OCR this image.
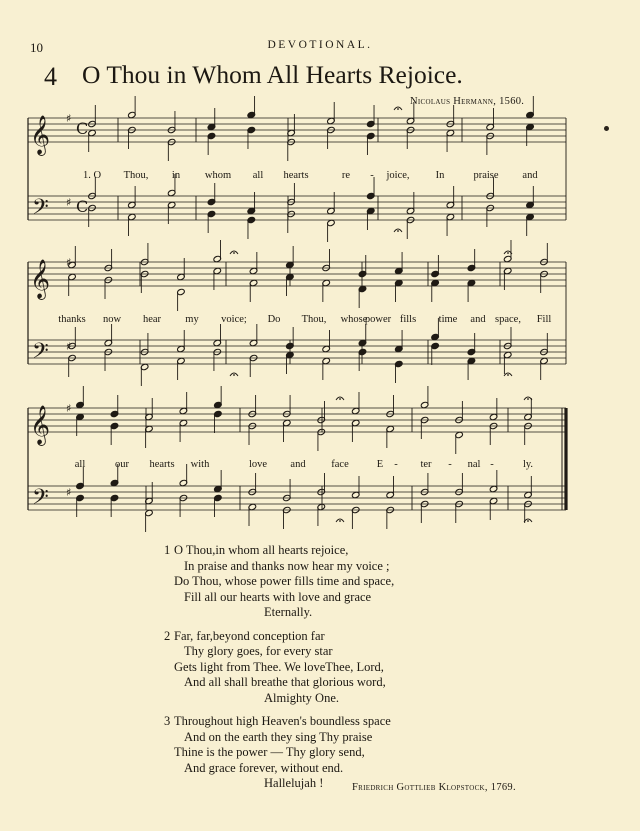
10	DEVOTIONAL.
4 O Thou in Whom All Hearts Rejoice.
Nicolaus Hermann, 1560.
𝄞
𝄢
♯
♯
C
C
𝄞
𝄢
♯
♯
𝄞
𝄢
♯
♯
1. O Thou, in whom all hearts	re - joice, In	praise and
thanks now hear my voice; Do Thou, whose
power fills time and space, Fill
all	our hearts with	love and face	E - ter - nal -	ly.
1 O Thou,in whom all hearts rejoice,
In praise and thanks now hear my voice ;
Do Thou, whose power fills time and space,
Fill all our hearts with love and grace
Eternally.
2 Far, far,beyond conception far
Thy glory goes, for every star
Gets light from Thee. We loveThee, Lord,
And all shall breathe that glorious word,
Almighty One.
3 Throughout high Heaven's boundless space
And on the earth they sing Thy praise
Thine is the power — Thy glory send,
And grace forever, without end.
Hallelujah !	Friedrich Gottlieb Klopstock, 1769.
